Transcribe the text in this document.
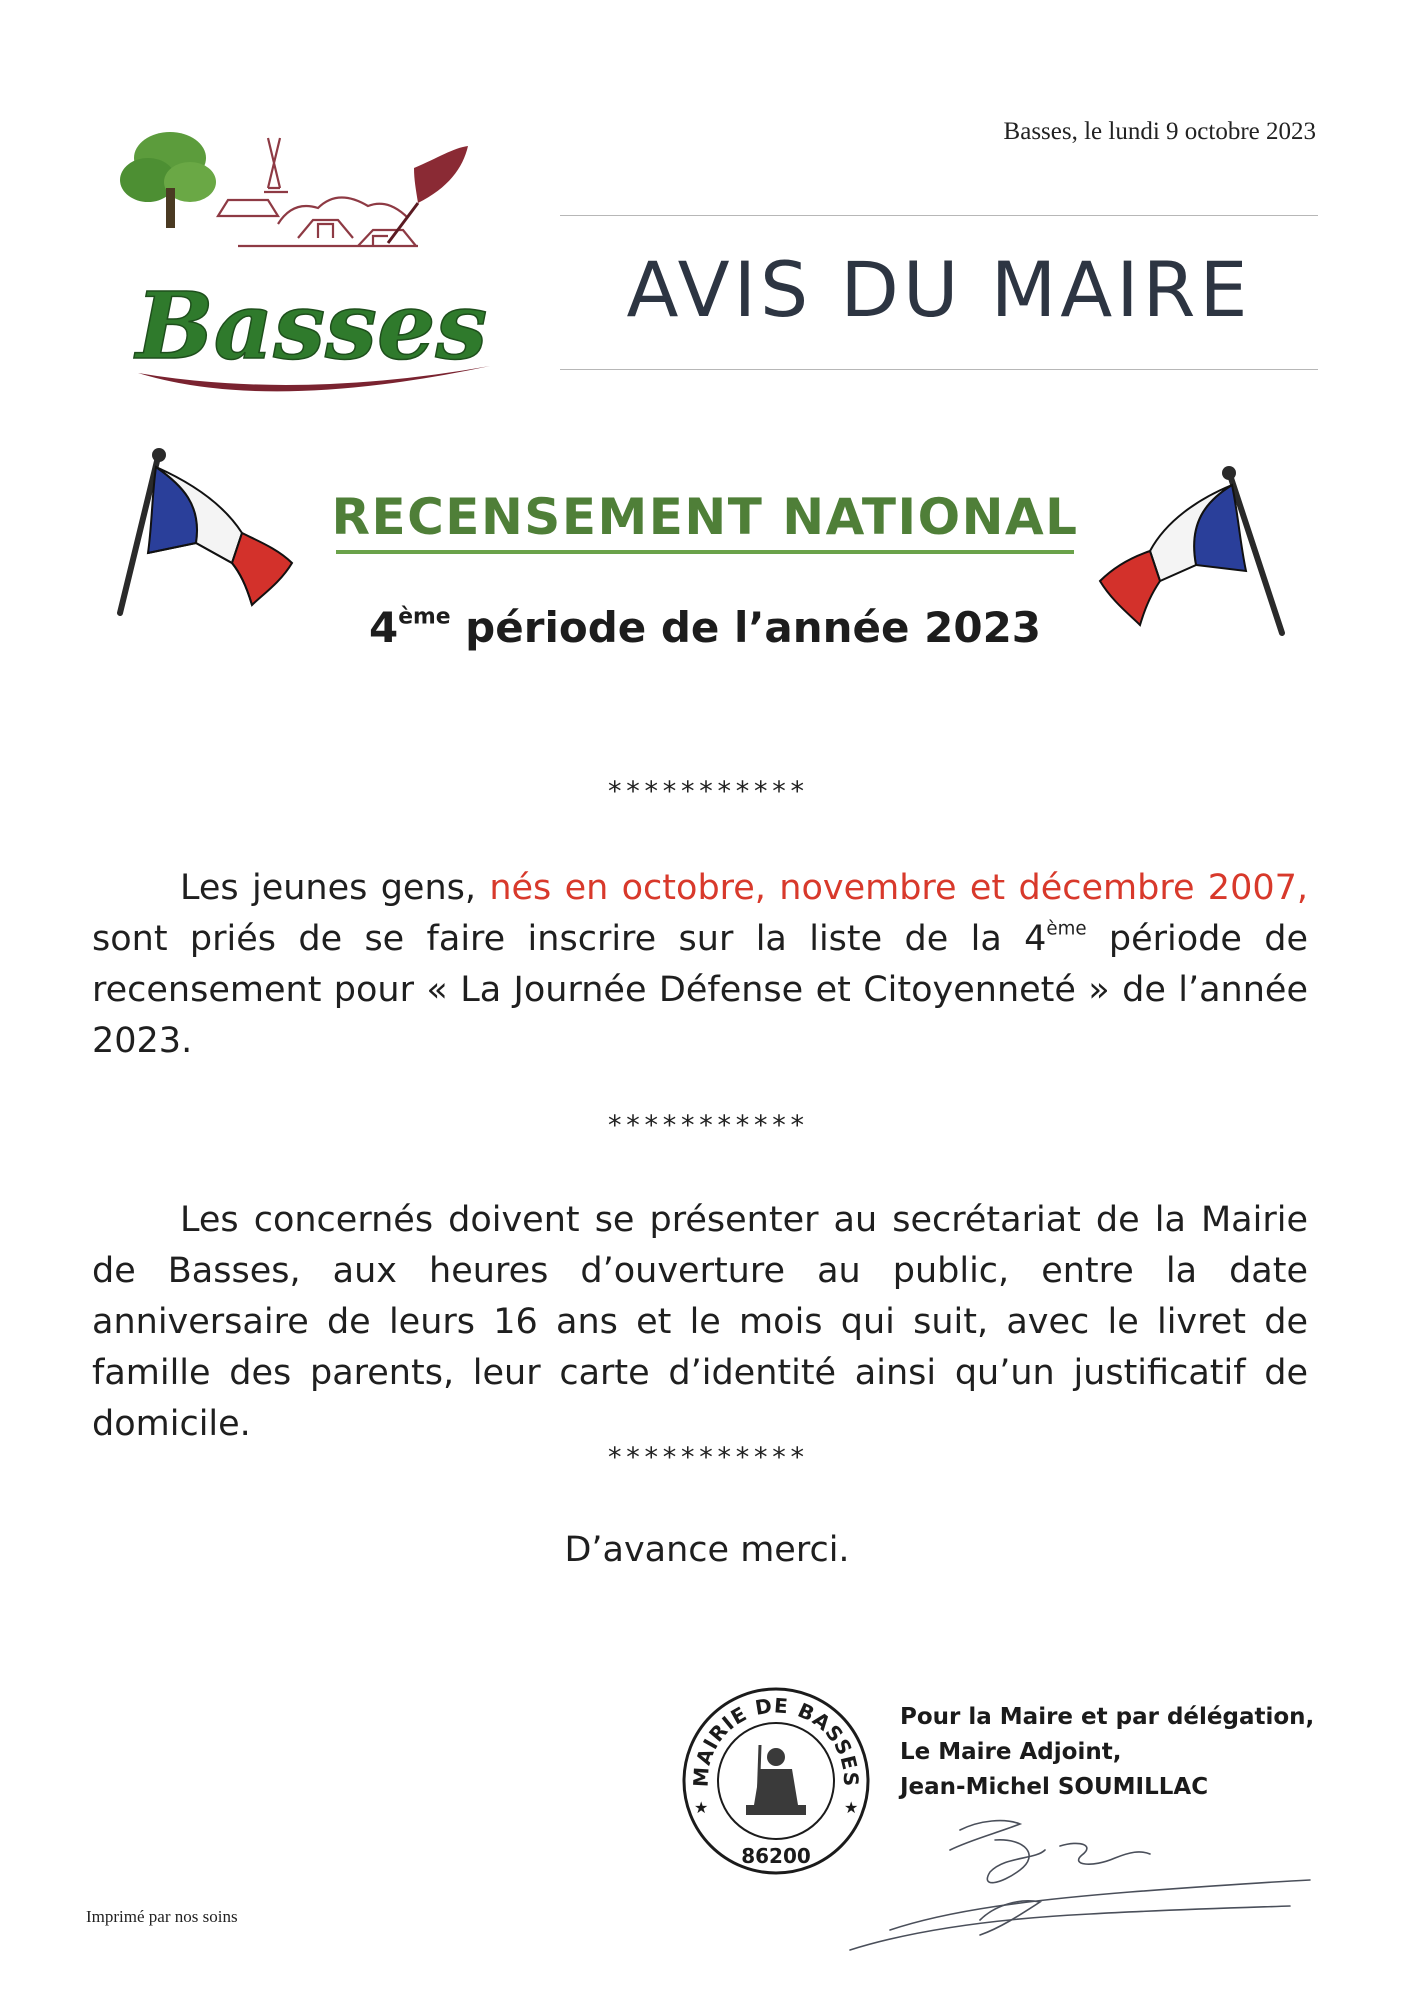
Basses
Basses, le lundi 9 octobre 2023
AVIS DU MAIRE
RECENSEMENT NATIONAL
4ème période de l’année 2023
***********
Les jeunes gens, nés en octobre, novembre et décembre 2007, sont priés de se faire inscrire sur la liste de la 4ème période de recensement pour « La Journée Défense et Citoyenneté » de l’année 2023.
***********
Les concernés doivent se présenter au secrétariat de la Mairie de Basses, aux heures d’ouverture au public, entre la date anniversaire de leurs 16 ans et le mois qui suit, avec le livret de famille des parents, leur carte d’identité ainsi qu’un justificatif de domicile.
***********
D’avance merci.
MAIRIE DE BASSES
★	★
86200
Pour la Maire et par délégation,
Le Maire Adjoint,
Jean-Michel SOUMILLAC
Imprimé par nos soins
